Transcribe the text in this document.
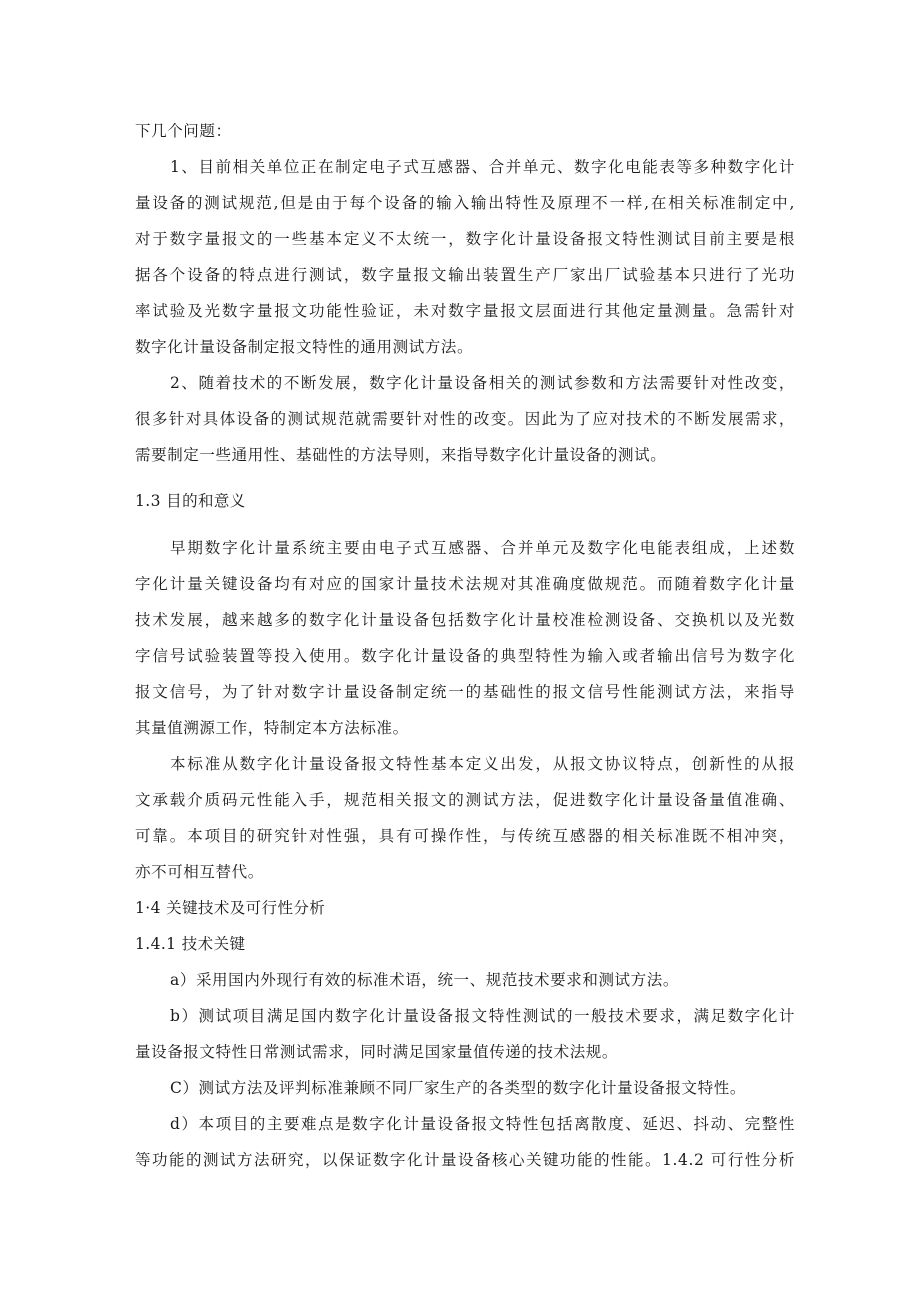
下几个问题：
1、目前相关单位正在制定电子式互感器、合并单元、数字化电能表等多种数字化计
量设备的测试规范,但是由于每个设备的输入输出特性及原理不一样,在相关标准制定中,
对于数字量报文的一些基本定义不太统一，数字化计量设备报文特性测试目前主要是根
据各个设备的特点进行测试，数字量报文输出装置生产厂家出厂试验基本只进行了光功
率试验及光数字量报文功能性验证，未对数字量报文层面进行其他定量测量。急需针对
数字化计量设备制定报文特性的通用测试方法。
2、随着技术的不断发展，数字化计量设备相关的测试参数和方法需要针对性改变，
很多针对具体设备的测试规范就需要针对性的改变。因此为了应对技术的不断发展需求，
需要制定一些通用性、基础性的方法导则，来指导数字化计量设备的测试。
1.3 目的和意义
早期数字化计量系统主要由电子式互感器、合并单元及数字化电能表组成，上述数
字化计量关键设备均有对应的国家计量技术法规对其准确度做规范。而随着数字化计量
技术发展，越来越多的数字化计量设备包括数字化计量校准检测设备、交换机以及光数
字信号试验装置等投入使用。数字化计量设备的典型特性为输入或者输出信号为数字化
报文信号，为了针对数字计量设备制定统一的基础性的报文信号性能测试方法，来指导
其量值溯源工作，特制定本方法标准。
本标准从数字化计量设备报文特性基本定义出发，从报文协议特点，创新性的从报
文承载介质码元性能入手，规范相关报文的测试方法，促进数字化计量设备量值准确、
可靠。本项目的研究针对性强，具有可操作性，与传统互感器的相关标准既不相冲突，
亦不可相互替代。
1·4 关键技术及可行性分析
1.4.1 技术关键
a）采用国内外现行有效的标准术语，统一、规范技术要求和测试方法。
b）测试项目满足国内数字化计量设备报文特性测试的一般技术要求，满足数字化计
量设备报文特性日常测试需求，同时满足国家量值传递的技术法规。
C）测试方法及评判标准兼顾不同厂家生产的各类型的数字化计量设备报文特性。
d）本项目的主要难点是数字化计量设备报文特性包括离散度、延迟、抖动、完整性
等功能的测试方法研究，以保证数字化计量设备核心关键功能的性能。1.4.2 可行性分析
